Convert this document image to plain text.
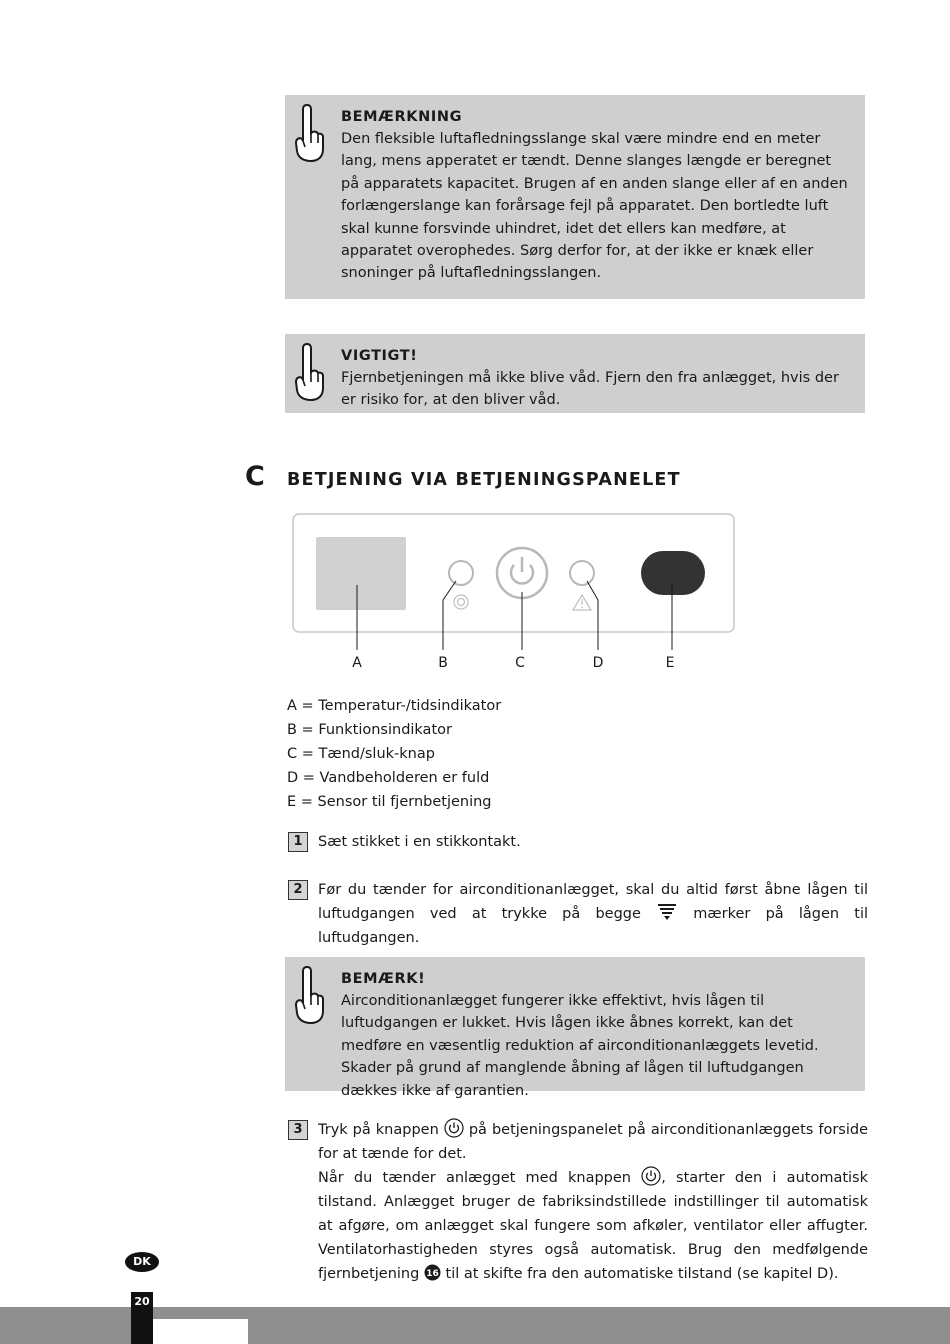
BEMÆRKNING
Den fleksible luftafledningsslange skal være mindre end en meter lang, mens apperatet er tændt. Denne slanges længde er beregnet på apparatets kapacitet. Brugen af en anden slange eller af en anden forlængerslange kan forårsage fejl på apparatet. Den bortledte luft skal kunne forsvinde uhindret, idet det ellers kan medføre, at apparatet overophedes. Sørg derfor for, at der ikke er knæk eller snoninger på luftafledningsslangen.
VIGTIGT!
Fjernbetjeningen må ikke blive våd. Fjern den fra anlægget, hvis der er risiko for, at den bliver våd.
C BETJENING VIA BETJENINGSPANELET
A	B	C	D	E
A = Temperatur-/tidsindikator
B = Funktionsindikator
C = Tænd/sluk-knap
D = Vandbeholderen er fuld
E = Sensor til fjernbetjening
1	Sæt stikket i en stikkontakt.
2	Før du tænder for airconditionanlægget, skal du altid først åbne lågen til luftudgangen ved at trykke på begge	mærker på lågen til luftudgangen.
BEMÆRK!
Airconditionanlægget fungerer ikke effektivt, hvis lågen til luftudgangen er lukket. Hvis lågen ikke åbnes korrekt, kan det medføre en væsentlig reduktion af airconditionanlæggets levetid. Skader på grund af manglende åbning af lågen til luftudgangen dækkes ikke af garantien.
3	Tryk på knappen på betjeningspanelet på airconditionanlæggets forside for at tænde for det.
Når du tænder anlægget med knappen , starter den i automatisk tilstand. Anlægget bruger de fabriksindstillede indstillinger til automatisk at afgøre, om anlægget skal fungere som afkøler, ventilator eller affugter. Ventilatorhastigheden styres også automatisk. Brug den medfølgende fjernbetjening 16 til at skifte fra den automatiske tilstand (se kapitel D).
DK
20
